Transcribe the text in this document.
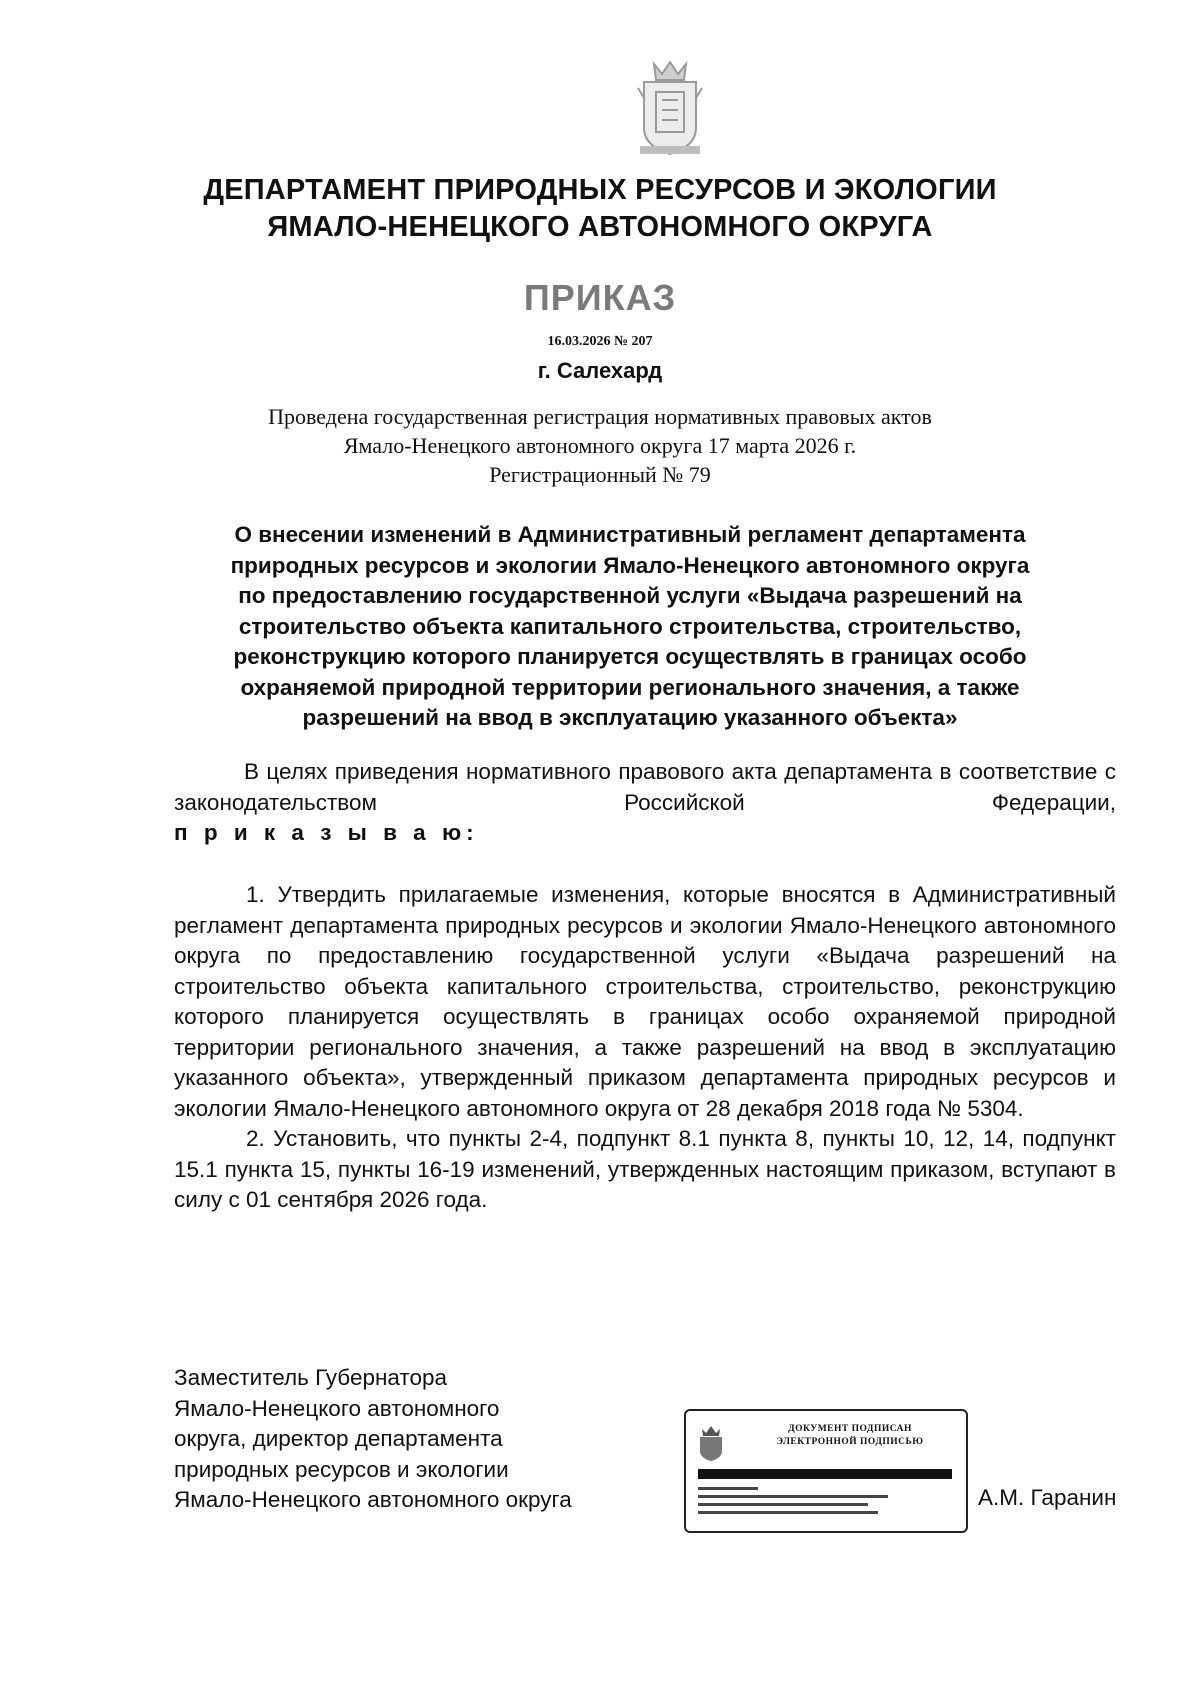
ДЕПАРТАМЕНТ ПРИРОДНЫХ РЕСУРСОВ И ЭКОЛОГИИ
ЯМАЛО-НЕНЕЦКОГО АВТОНОМНОГО ОКРУГА
ПРИКАЗ
16.03.2026 № 207
г. Салехард
Проведена государственная регистрация нормативных правовых актов
Ямало-Ненецкого автономного округа 17 марта 2026 г.
Регистрационный № 79
О внесении изменений в Административный регламент департамента
природных ресурсов и экологии Ямало-Ненецкого автономного округа
по предоставлению государственной услуги «Выдача разрешений на
строительство объекта капитального строительства, строительство,
реконструкцию которого планируется осуществлять в границах особо
охраняемой природной территории регионального значения, а также
разрешений на ввод в эксплуатацию указанного объекта»
В целях приведения нормативного правового акта департамента в соответствие с законодательством Российской Федерации,
п р и к а з ы в а ю:
1. Утвердить прилагаемые изменения, которые вносятся в Административный регламент департамента природных ресурсов и экологии Ямало-Ненецкого автономного округа по предоставлению государственной услуги «Выдача разрешений на строительство объекта капитального строительства, строительство, реконструкцию которого планируется осуществлять в границах особо охраняемой природной территории регионального значения, а также разрешений на ввод в эксплуатацию указанного объекта», утвержденный приказом департамента природных ресурсов и экологии Ямало-Ненецкого автономного округа от 28 декабря 2018 года № 5304.
2. Установить, что пункты 2-4, подпункт 8.1 пункта 8, пункты 10, 12, 14, подпункт 15.1 пункта 15, пункты 16-19 изменений, утвержденных настоящим приказом, вступают в силу с 01 сентября 2026 года.
Заместитель Губернатора
Ямало-Ненецкого автономного
округа, директор департамента
природных ресурсов и экологии
Ямало-Ненецкого автономного округа
ДОКУМЕНТ ПОДПИСАН
ЭЛЕКТРОННОЙ ПОДПИСЬЮ
А.М. Гаранин
